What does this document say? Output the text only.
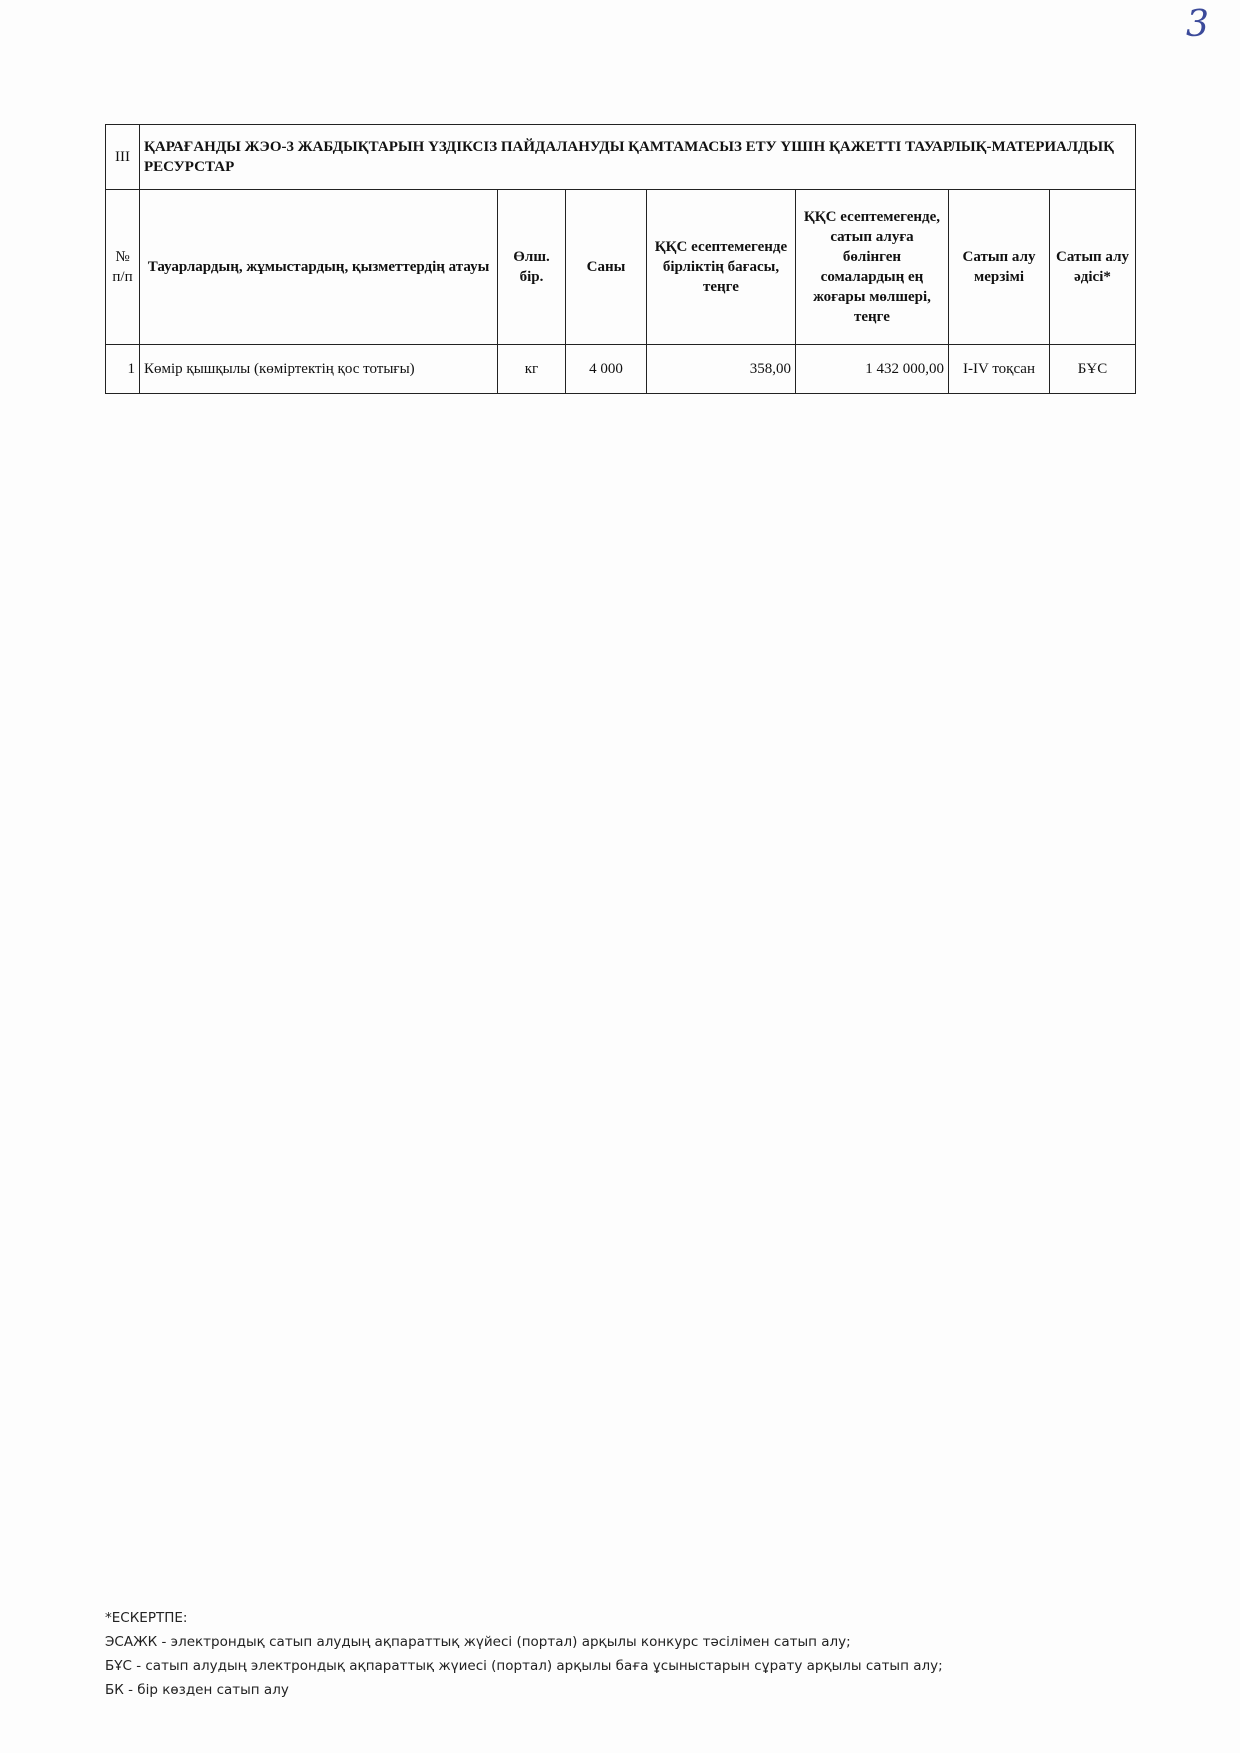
3
III	ҚАРАҒАНДЫ ЖЭО-3 ЖАБДЫҚТАРЫН ҮЗДІКСІЗ ПАЙДАЛАНУДЫ ҚАМТАМАСЫЗ ЕТУ ҮШІН ҚАЖЕТТІ ТАУАРЛЫҚ-МАТЕРИАЛДЫҚ РЕСУРСТАР						
№ п/п	Тауарлардың, жұмыстардың, қызметтердің атауы	Өлш. бір.	Саны	ҚҚС есептемегенде бірліктің бағасы, теңге	ҚҚС есептемегенде, сатып алуға бөлінген сомалардың ең жоғары мөлшері, теңге	Сатып алу мерзімі	Сатып алу әдісі*
1	Көмір қышқылы (көміртектің қос тотығы)	кг	4 000	358,00	1 432 000,00	I-IV тоқсан	БҰС
*ЕСКЕРТПЕ:
ЭСАЖК - электрондық сатып алудың ақпараттық жүйесі (портал) арқылы конкурс тәсілімен сатып алу;
БҰС - сатып алудың электрондық ақпараттық жүиесі (портал) арқылы баға ұсыныстарын сұрату арқылы сатып алу;
БК - бір көзден сатып алу
